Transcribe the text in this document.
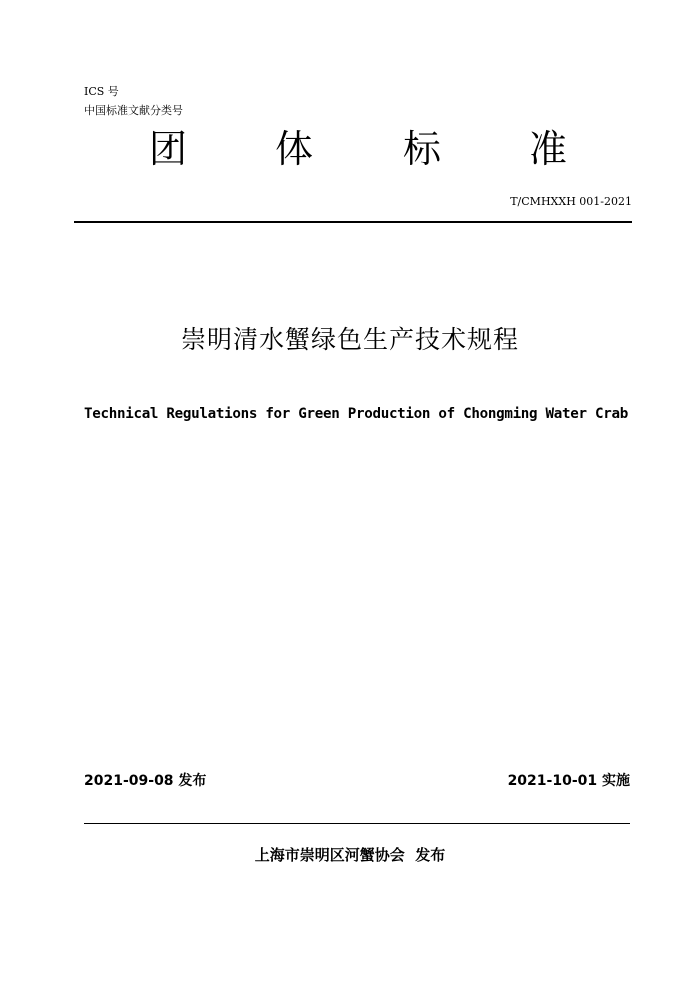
ICS 号
中国标准文献分类号
团 体 标 准
T/CMHXXH 001-2021
崇明清水蟹绿色生产技术规程
Technical Regulations for Green Production of Chongming Water Crab
2021-09-08 发布	2021-10-01 实施
上海市崇明区河蟹协会  发布
